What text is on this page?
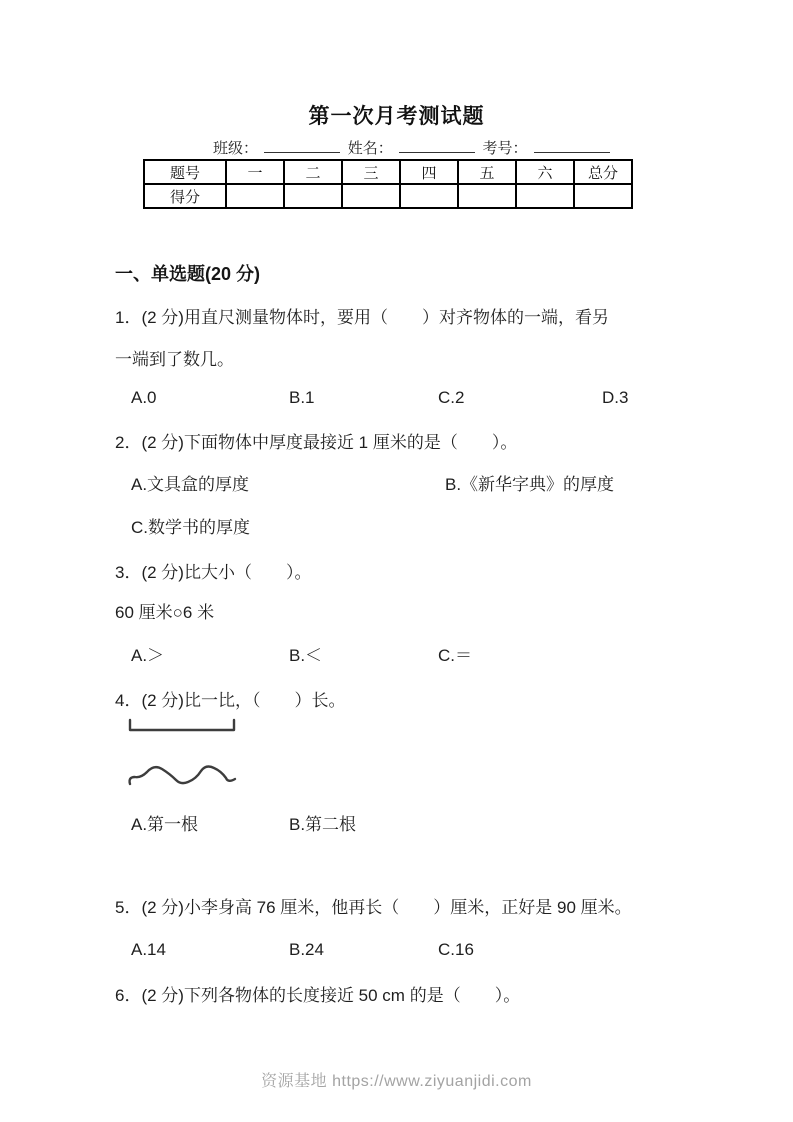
第一次月考测试题
班级：	姓名：	考号：
题号	一	二	三	四	五	六	总分
得分							
一、单选题(20 分)
1．(2 分)用直尺测量物体时，要用（　　）对齐物体的一端，看另
一端到了数几。
A.0	B.1	C.2	D.3
2．(2 分)下面物体中厚度最接近 1 厘米的是（　　）。
A.文具盒的厚度	B.《新华字典》的厚度
C.数学书的厚度
3．(2 分)比大小（　　）。
60 厘米○6 米
A.＞	B.＜	C.＝
4．(2 分)比一比，（　　）长。
A.第一根	B.第二根
5．(2 分)小李身高 76 厘米，他再长（　　）厘米，正好是 90 厘米。
A.14	B.24	C.16
6．(2 分)下列各物体的长度接近 50 cm 的是（　　）。
资源基地 https://www.ziyuanjidi.com
